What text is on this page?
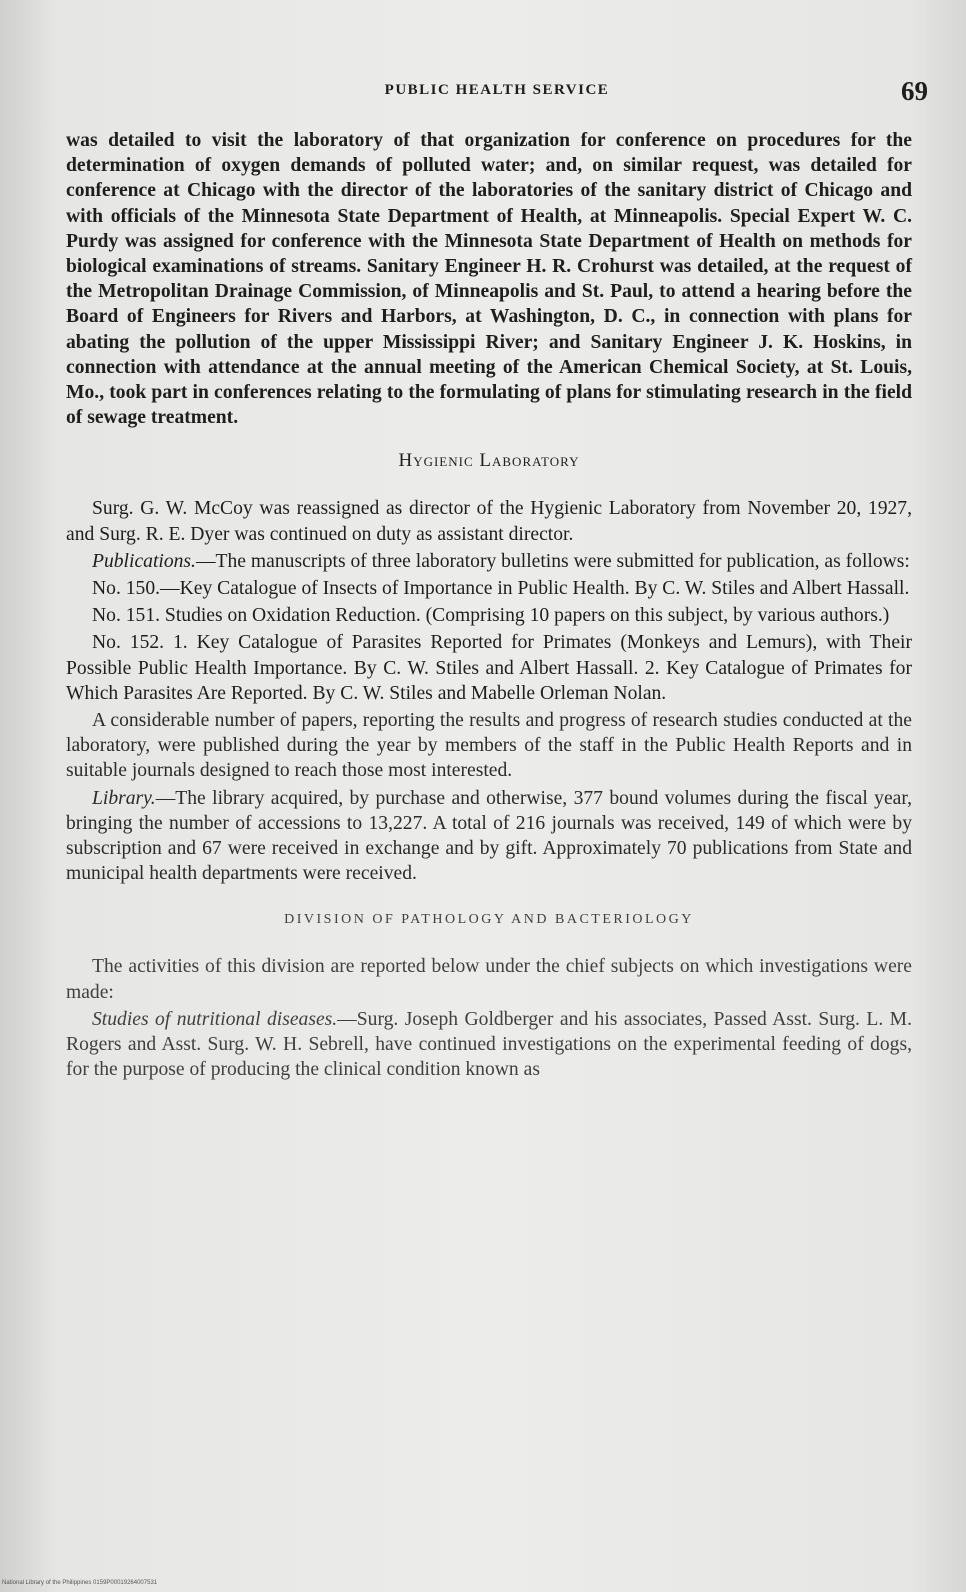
PUBLIC HEALTH SERVICE	69

was detailed to visit the laboratory of that organization for conference on procedures for the determination of oxygen demands of polluted water; and, on similar request, was detailed for conference at Chicago with the director of the laboratories of the sanitary district of Chicago and with officials of the Minnesota State Department of Health, at Minneapolis. Special Expert W. C. Purdy was assigned for conference with the Minnesota State Department of Health on methods for biological examinations of streams. Sanitary Engineer H. R. Crohurst was detailed, at the request of the Metropolitan Drainage Commission, of Minneapolis and St. Paul, to attend a hearing before the Board of Engineers for Rivers and Harbors, at Washington, D. C., in connection with plans for abating the pollution of the upper Mississippi River; and Sanitary Engineer J. K. Hoskins, in connection with attendance at the annual meeting of the American Chemical Society, at St. Louis, Mo., took part in conferences relating to the formulating of plans for stimulating research in the field of sewage treatment.

Hygienic Laboratory

Surg. G. W. McCoy was reassigned as director of the Hygienic Laboratory from November 20, 1927, and Surg. R. E. Dyer was continued on duty as assistant director.

Publications.—The manuscripts of three laboratory bulletins were submitted for publication, as follows:

No. 150.—Key Catalogue of Insects of Importance in Public Health. By C. W. Stiles and Albert Hassall.

No. 151. Studies on Oxidation Reduction. (Comprising 10 papers on this subject, by various authors.)

No. 152. 1. Key Catalogue of Parasites Reported for Primates (Monkeys and Lemurs), with Their Possible Public Health Importance. By C. W. Stiles and Albert Hassall. 2. Key Catalogue of Primates for Which Parasites Are Reported. By C. W. Stiles and Mabelle Orleman Nolan.

A considerable number of papers, reporting the results and progress of research studies conducted at the laboratory, were published during the year by members of the staff in the Public Health Reports and in suitable journals designed to reach those most interested.

Library.—The library acquired, by purchase and otherwise, 377 bound volumes during the fiscal year, bringing the number of accessions to 13,227. A total of 216 journals was received, 149 of which were by subscription and 67 were received in exchange and by gift. Approximately 70 publications from State and municipal health departments were received.

DIVISION OF PATHOLOGY AND BACTERIOLOGY

The activities of this division are reported below under the chief subjects on which investigations were made:

Studies of nutritional diseases.—Surg. Joseph Goldberger and his associates, Passed Asst. Surg. L. M. Rogers and Asst. Surg. W. H. Sebrell, have continued investigations on the experimental feeding of dogs, for the purpose of producing the clinical condition known as

National Library of the Philippines 0159P00019264007531
